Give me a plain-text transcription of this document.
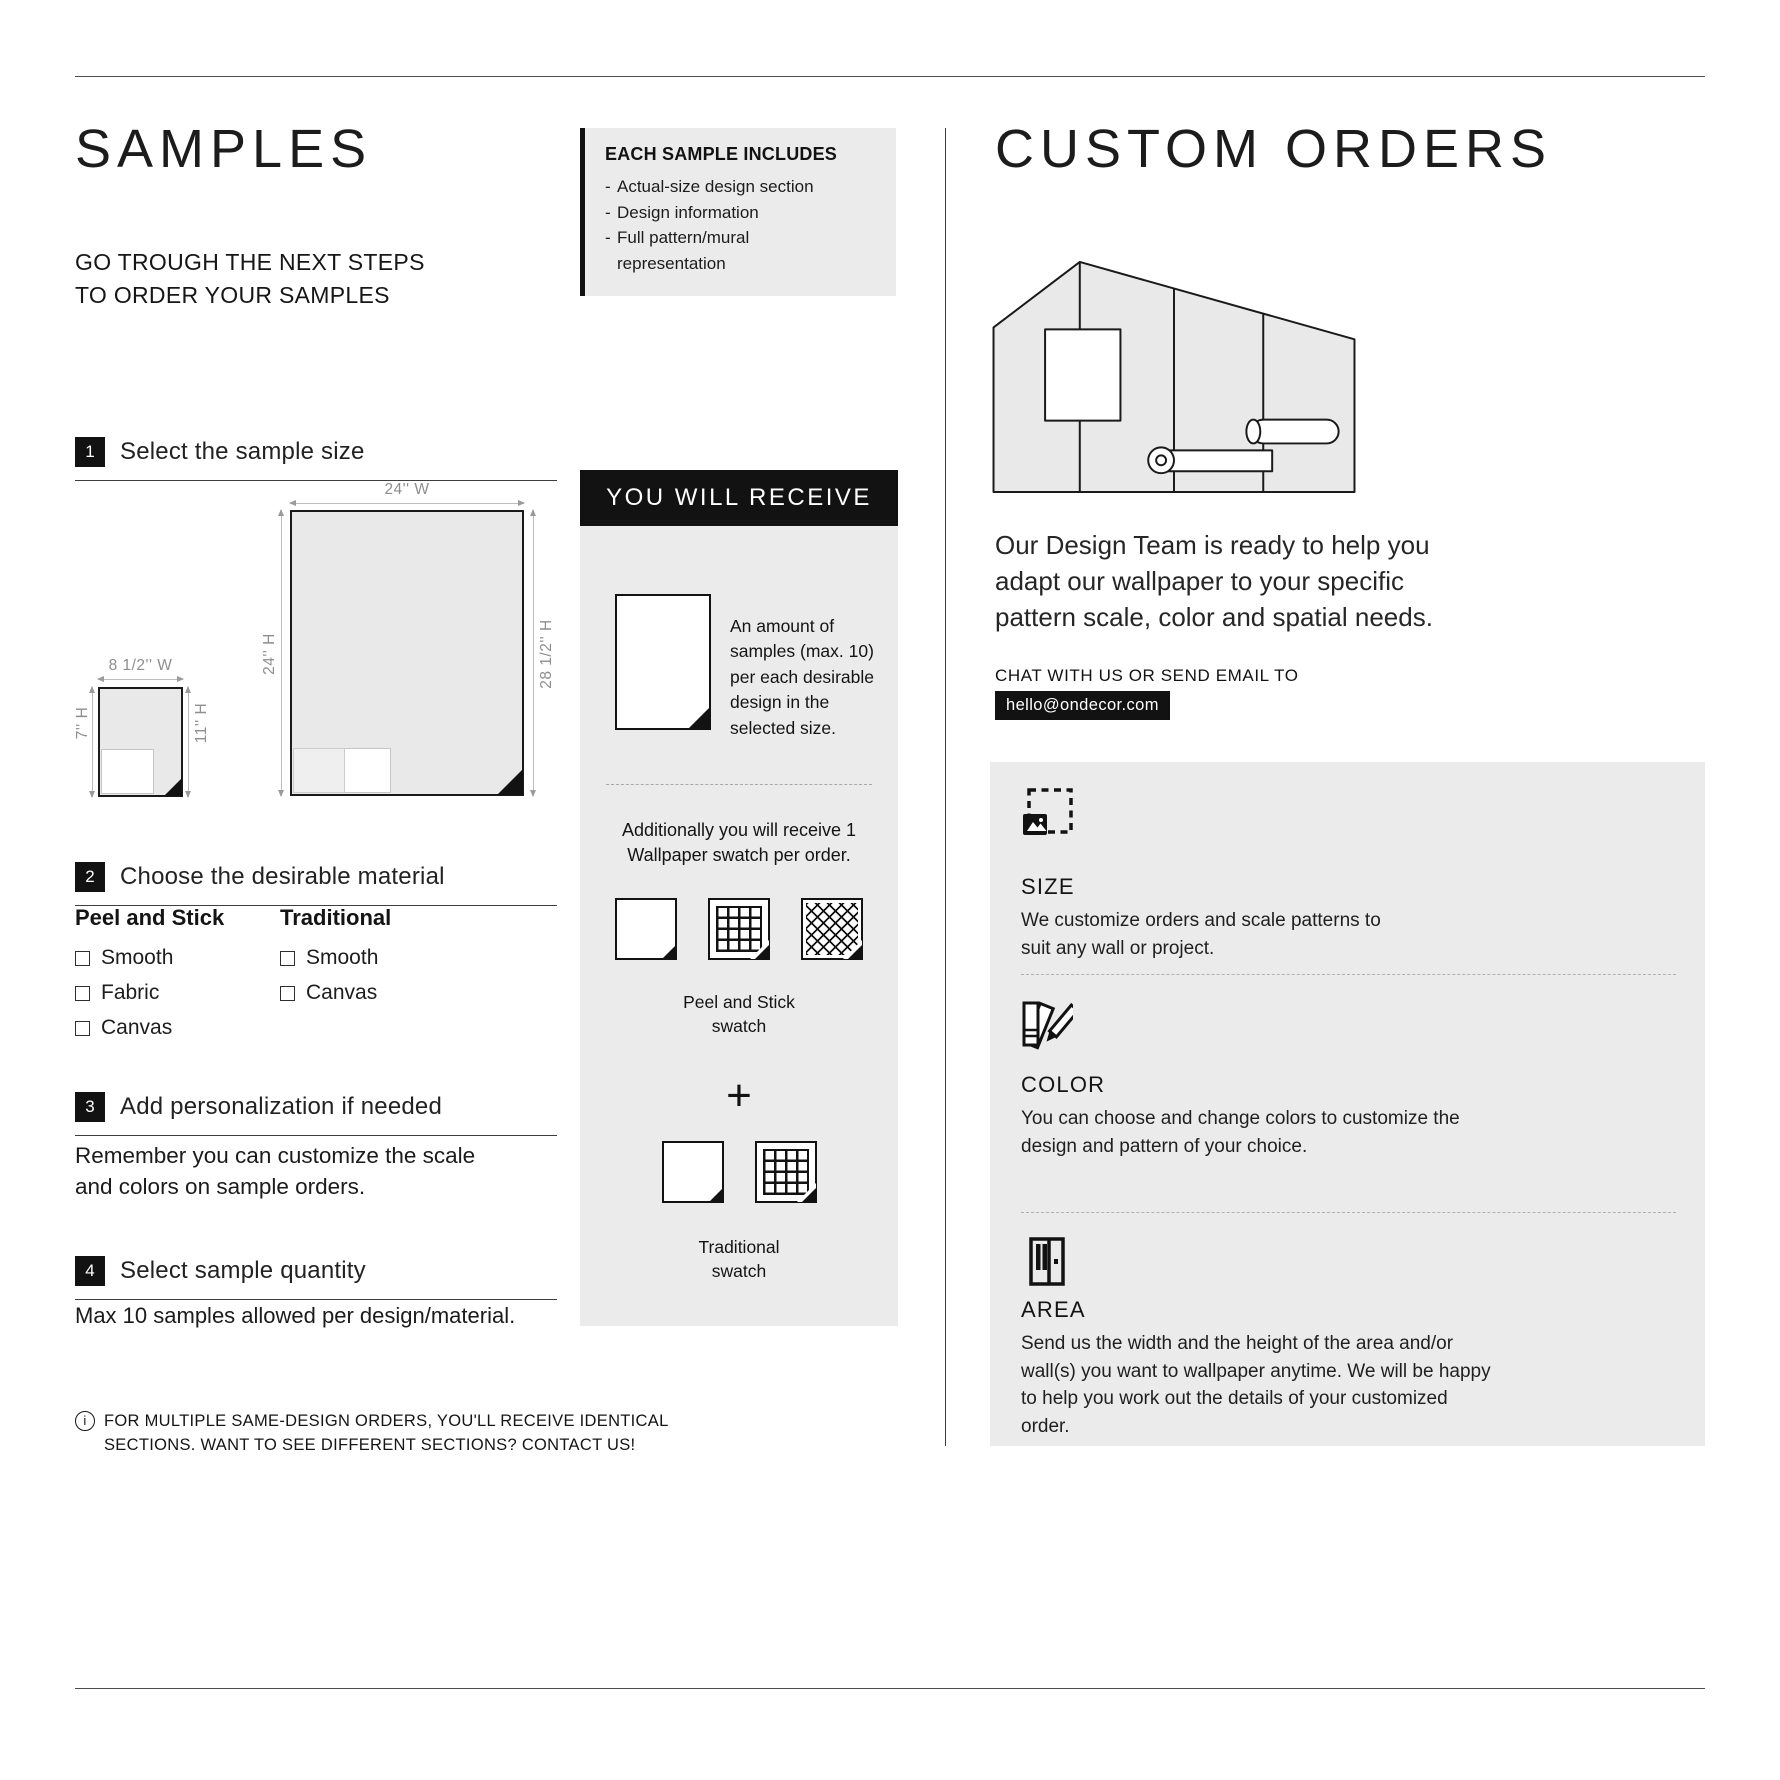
SAMPLES	EACH SAMPLE INCLUDES
- Actual-size design section
- Design information
- Full pattern/mural representation
GO TROUGH THE NEXT STEPS
TO ORDER YOUR SAMPLES
1	Select the sample size
24'' W
24'' H	28 1/2'' H
8 1/2'' W
7'' H	11'' H
2	Choose the desirable material
Peel and Stick
Smooth
Fabric
Canvas
Traditional
Smooth
Canvas
3	Add personalization if needed
Remember you can customize the scale and colors on sample orders.
4	Select sample quantity
Max 10 samples allowed per design/material.
i	FOR MULTIPLE SAME-DESIGN ORDERS, YOU'LL RECEIVE IDENTICAL SECTIONS. WANT TO SEE DIFFERENT SECTIONS? CONTACT US!
YOU WILL RECEIVE
An amount of samples (max. 10) per each desirable design in the selected size.
Additionally you will receive 1 Wallpaper swatch per order.
Peel and Stick
swatch
+
Traditional
swatch
CUSTOM ORDERS
Our Design Team is ready to help you adapt our wallpaper to your specific pattern scale, color and spatial needs.
CHAT WITH US OR SEND EMAIL TO
hello@ondecor.com
SIZE
We customize orders and scale patterns to suit any wall or project.
COLOR
You can choose and change colors to customize the design and pattern of your choice.
AREA
Send us the width and the height of the area and/or wall(s) you want to wallpaper anytime. We will be happy to help you work out the details of your customized order.
